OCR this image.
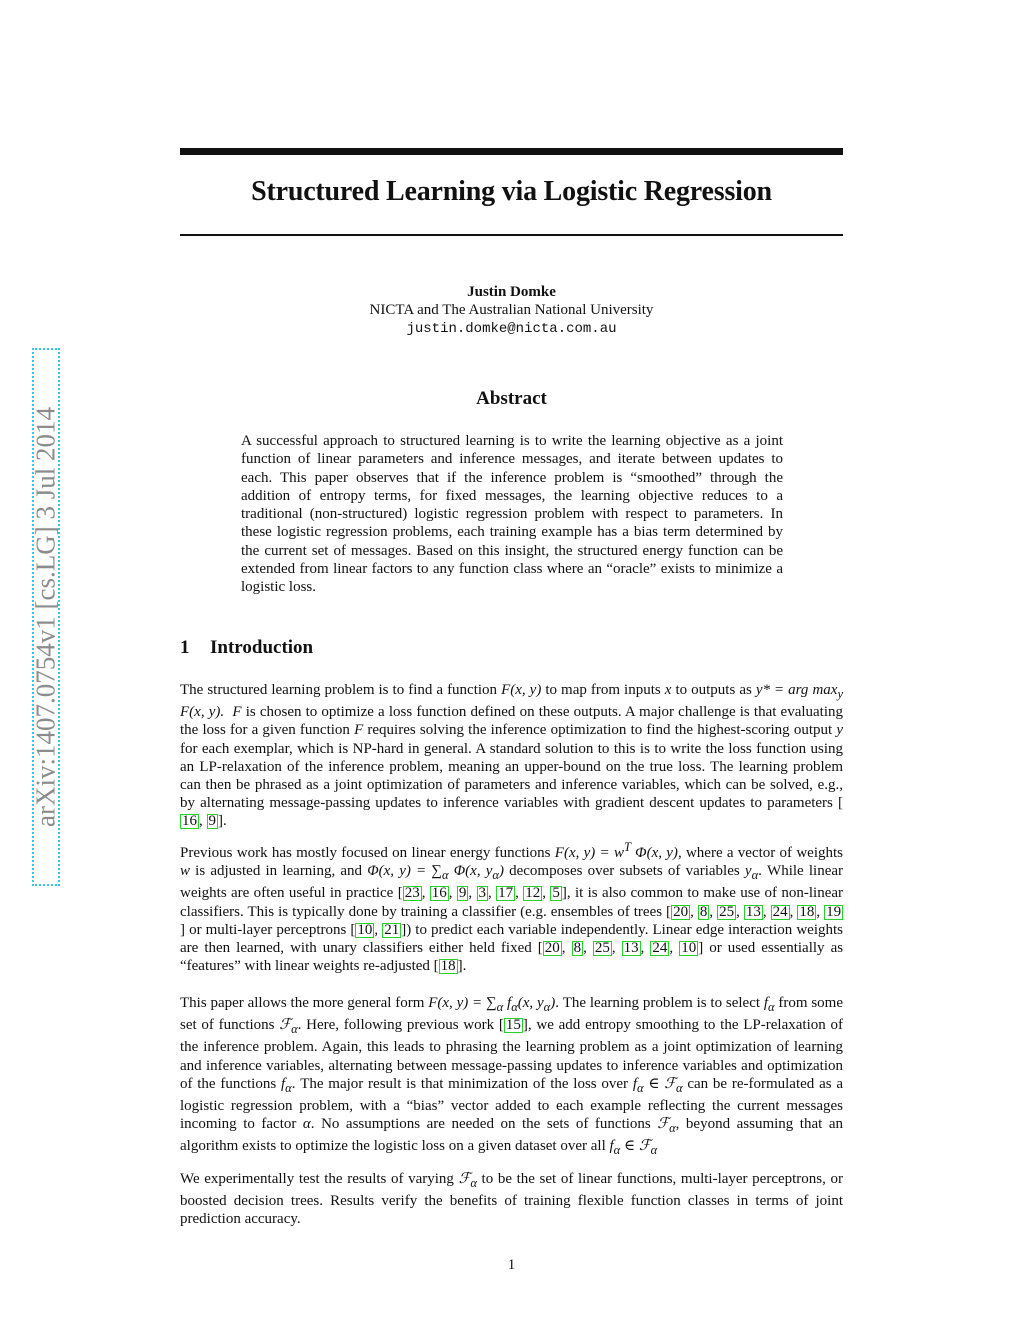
arXiv:1407.0754v1 [cs.LG] 3 Jul 2014
Structured Learning via Logistic Regression
Justin Domke
NICTA and The Australian National University
justin.domke@nicta.com.au
Abstract
A successful approach to structured learning is to write the learning objective as a joint function of linear parameters and inference messages, and iterate between updates to each. This paper observes that if the inference problem is “smoothed” through the addition of entropy terms, for fixed messages, the learning objective reduces to a traditional (non-structured) logistic regression problem with respect to parameters. In these logistic regression problems, each training example has a bias term determined by the current set of messages. Based on this insight, the structured energy function can be extended from linear factors to any function class where an “oracle” exists to minimize a logistic loss.
1 Introduction

The structured learning problem is to find a function F(x, y) to map from inputs x to outputs as y* = arg $\max_y F(x$, y). F is chosen to optimize a loss function defined on these outputs. A major challenge is that evaluating the loss for a given function F requires solving the inference optimization to find the highest-scoring output y for each exemplar, which is NP-hard in general. A standard solution to this is to write the loss function using an LP-relaxation of the inference problem, meaning an upper-bound on the true loss. The learning problem can then be phrased as a joint optimization of parameters and inference variables, which can be solved, e.g., by alternating message-passing updates to inference variables with gradient descent updates to parameters [16 , 9 ].

Previous work has mostly focused on linear energy functions F(x, $y) = w^T$ Φ(x, y), where a vector of weights w is adjusted in learning, and Φ(x, $y) = \sum_\alpha$ Φ(x, $y_\alpha$) decomposes over subsets of variables $y_\alpha$. While linear weights are often useful in practice [ 23 , 16 , 9 , 3 , 17 , 12 , 5 ], it is also common to make use of non-linear classifiers. This is typically done by training a classifier (e.g. ensembles of trees [ 20 , 8 , 25 , 13 , 24 , 18 , 19] or multi-layer perceptrons [ 10 , 21 ]) to predict each variable independently. Linear edge interaction weights are then learned, with unary classifiers either held fixed [ 20 , 8 , 25 , 13 , 24 , 10 ] or used essentially as “features” with linear weights re-adjusted [ 18 ].

This paper allows the more general form F(x, $y) = \sum_\alpha$ $f_\alpha(x$, $y_\alpha$). The learning problem is to select $f_\alpha$ from some set of functions ℱ$_\alpha$. Here, following previous work [ 15 ], we add entropy smoothing to the LP-relaxation of the inference problem. Again, this leads to phrasing the learning problem as a joint optimization of learning and inference variables, alternating between message-passing updates to inference variables and optimization of the functions $f_\alpha$. The major result is that minimization of the loss over $f_\alpha$ ∈ ℱ$_\alpha$ can be re-formulated as a logistic regression problem, with a “bias” vector added to each example reflecting the current messages incoming to factor α. No assumptions are needed on the sets of functions ℱ$_\alpha$, beyond assuming that an algorithm exists to optimize the logistic loss on a given dataset over all $f_\alpha$ ∈ ℱ$_\alpha$

We experimentally test the results of varying ℱ$_\alpha$ to be the set of linear functions, multi-layer perceptrons, or boosted decision trees. Results verify the benefits of training flexible function classes in terms of joint prediction accuracy.

1
